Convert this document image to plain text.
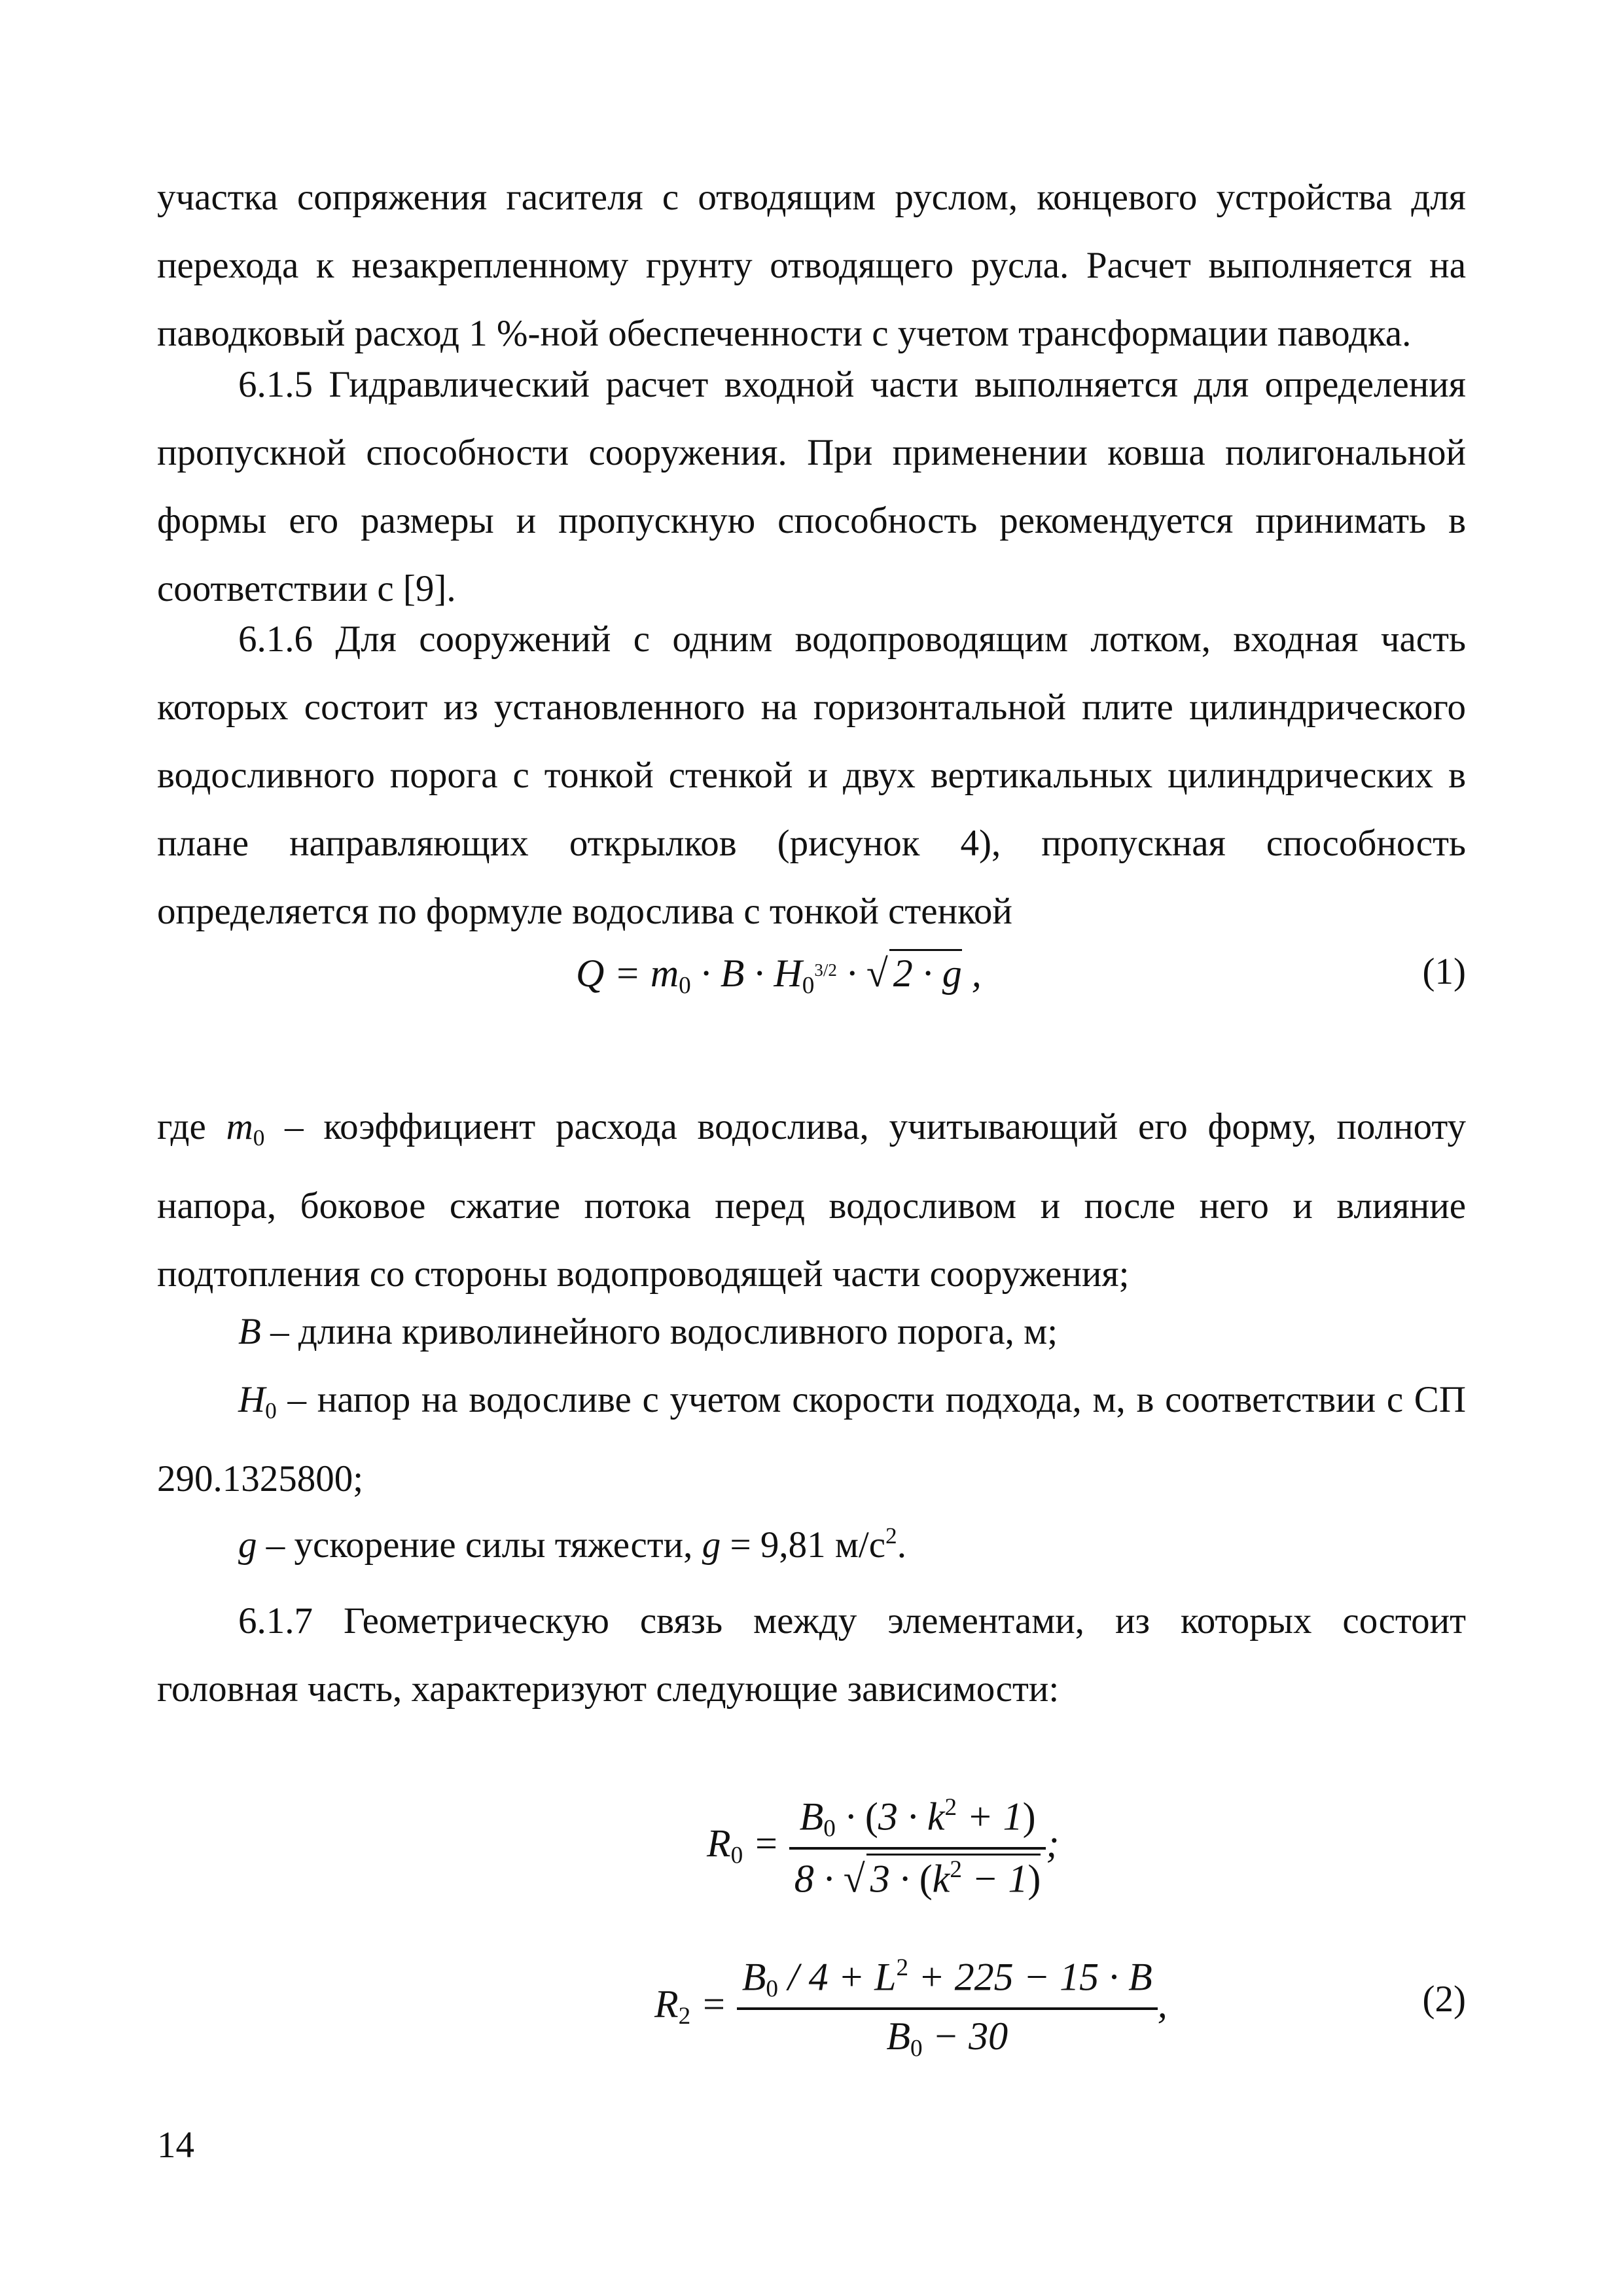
участка сопряжения гасителя с отводящим руслом, концевого устройства для перехода к незакрепленному грунту отводящего русла. Расчет выполняется на паводковый расход 1 %-ной обеспеченности с учетом трансформации паводка.

6.1.5 Гидравлический расчет входной части выполняется для определения пропускной способности сооружения. При применении ковша полигональной формы его размеры и пропускную способность рекомендуется принимать в соответствии с [9].

6.1.6 Для сооружений с одним водопроводящим лотком, входная часть которых состоит из установленного на горизонтальной плите цилиндрического водосливного порога с тонкой стенкой и двух вертикальных цилиндрических в плане направляющих открылков (рисунок 4), пропускная способность определяется по формуле водослива с тонкой стенкой

$Q = m_0 \cdot B \cdot H_0^{3/2}$ · √ 2 · g ,	(1)

где $m_0$ – коэффициент расхода водослива, учитывающий его форму, полноту напора, боковое сжатие потока перед водосливом и после него и влияние подтопления со стороны водопроводящей части сооружения;

B – длина криволинейного водосливного порога, м;

$H_0$ – напор на водосливе с учетом скорости подхода, м, в соответствии с СП 290.1325800;

g – ускорение силы тяжести, g = 9,81 $м/с^2$.

6.1.7 Геометрическую связь между элементами, из которых состоит головная часть, характеризуют следующие зависимости:

$R_0 = \frac{B_0 \cdot (3 \cdot k^2 + 1)}{8 \cdot √ 3 \cdot (k^2 - 1)}$ ;
$R_2 = \frac{B_0 / 4 + L^2 + 225 - 15 \cdot B}{B_0 - 30}$ ,	(2)
14
